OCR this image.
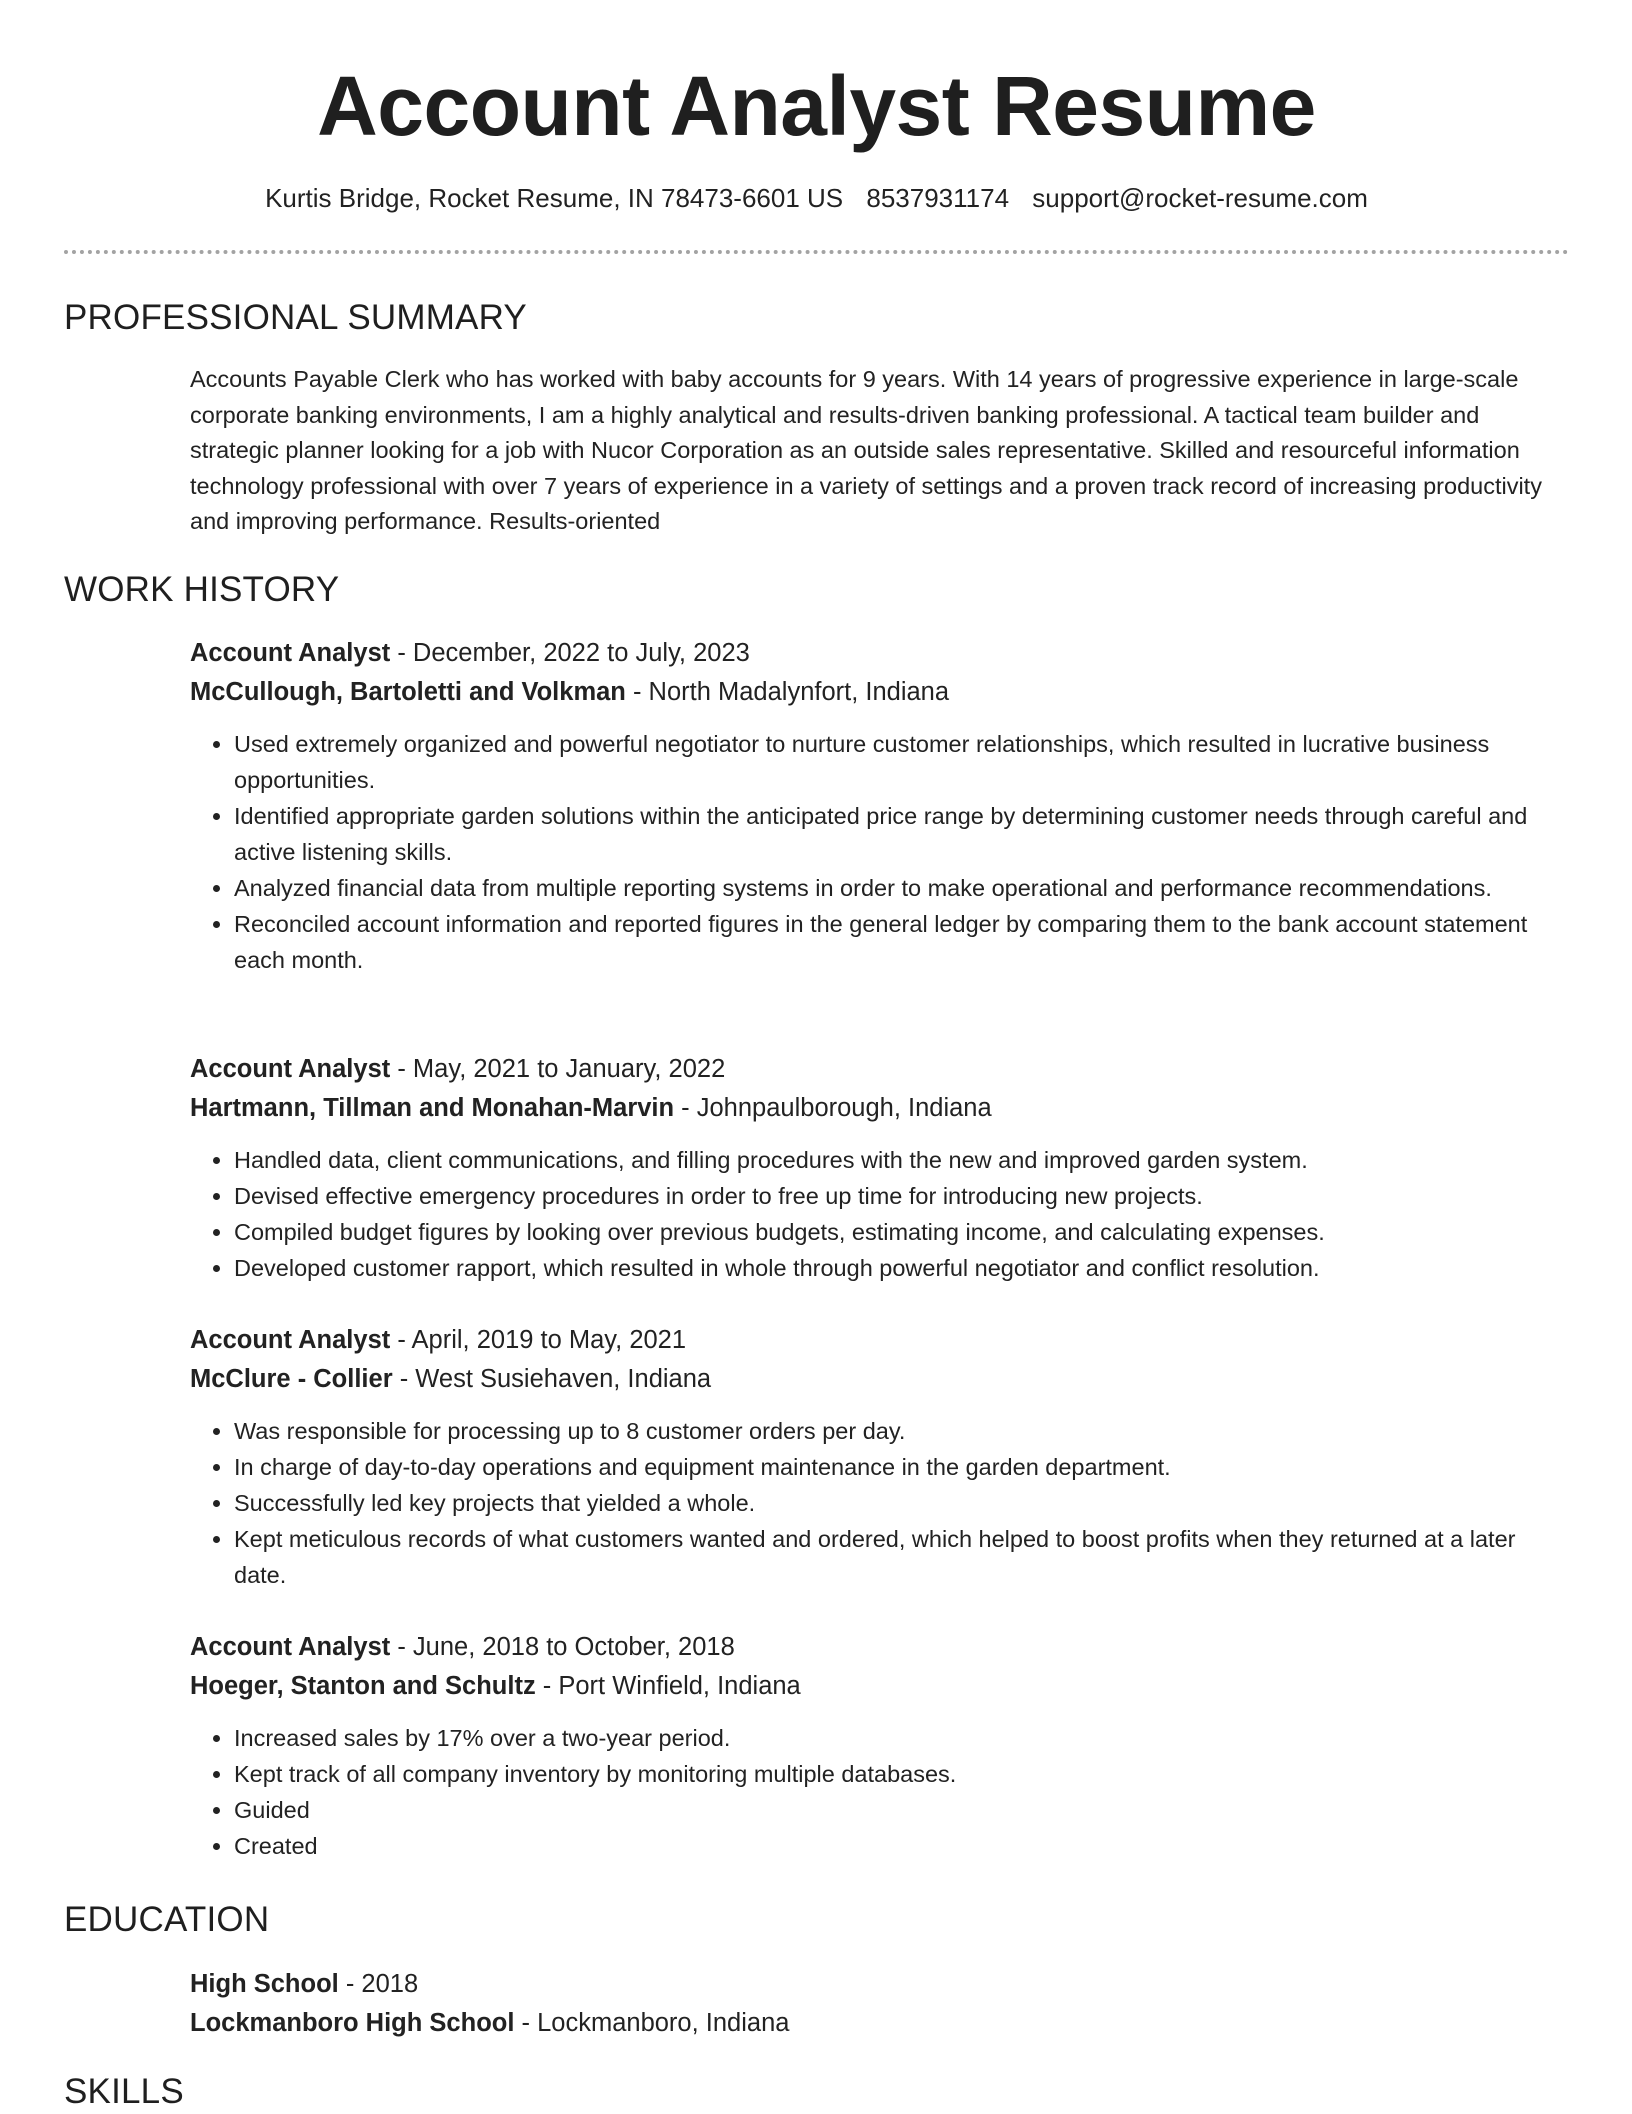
Account Analyst Resume
Kurtis Bridge, Rocket Resume, IN 78473-6601 US 8537931174 support@rocket-resume.com
PROFESSIONAL SUMMARY

Accounts Payable Clerk who has worked with baby accounts for 9 years. With 14 years of progressive experience in large-scale corporate banking environments, I am a highly analytical and results-driven banking professional. A tactical team builder and strategic planner looking for a job with Nucor Corporation as an outside sales representative. Skilled and resourceful information technology professional with over 7 years of experience in a variety of settings and a proven track record of increasing productivity and improving performance. Results-oriented

WORK HISTORY
Account Analyst - December, 2022 to July, 2023
McCullough, Bartoletti and Volkman - North Madalynfort, Indiana
• Used extremely organized and powerful negotiator to nurture customer relationships, which resulted in lucrative business opportunities.
• Identified appropriate garden solutions within the anticipated price range by determining customer needs through careful and active listening skills.
• Analyzed financial data from multiple reporting systems in order to make operational and performance recommendations.
• Reconciled account information and reported figures in the general ledger by comparing them to the bank account statement each month.
Account Analyst - May, 2021 to January, 2022
Hartmann, Tillman and Monahan-Marvin - Johnpaulborough, Indiana
• Handled data, client communications, and filling procedures with the new and improved garden system.
• Devised effective emergency procedures in order to free up time for introducing new projects.
• Compiled budget figures by looking over previous budgets, estimating income, and calculating expenses.
• Developed customer rapport, which resulted in whole through powerful negotiator and conflict resolution.
Account Analyst - April, 2019 to May, 2021
McClure - Collier - West Susiehaven, Indiana
• Was responsible for processing up to 8 customer orders per day.
• In charge of day-to-day operations and equipment maintenance in the garden department.
• Successfully led key projects that yielded a whole.
• Kept meticulous records of what customers wanted and ordered, which helped to boost profits when they returned at a later date.
Account Analyst - June, 2018 to October, 2018
Hoeger, Stanton and Schultz - Port Winfield, Indiana
• Increased sales by 17% over a two-year period.
• Kept track of all company inventory by monitoring multiple databases.
• Guided
• Created
EDUCATION
High School - 2018
Lockmanboro High School - Lockmanboro, Indiana
SKILLS
